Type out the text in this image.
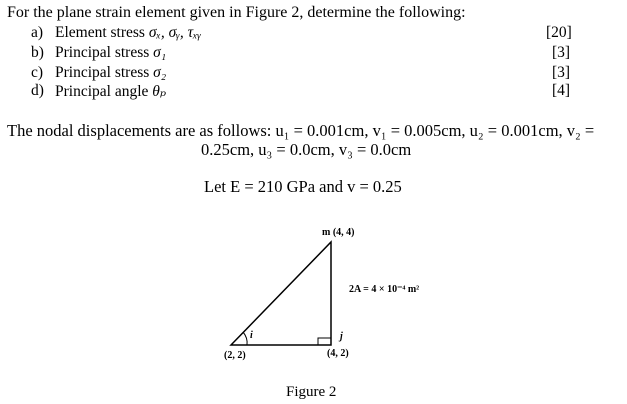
For the plane strain element given in Figure 2, determine the following:
a) Element stress σₓ, σᵧ, τₓᵧ	[20]
b) Principal stress σ₁	[3]
c) Principal stress σ₂	[3]
d) Principal angle θₚ	[4]
The nodal displacements are as follows: u₁ = 0.001cm, v₁ = 0.005cm, u₂ = 0.001cm, v₂ =
0.25cm, u₃ = 0.0cm, v₃ = 0.0cm
Let E = 210 GPa and v = 0.25
m (4, 4)
2A = 4 × 10⁻⁴ m²
i	j
(2, 2)	(4, 2)
Figure 2
